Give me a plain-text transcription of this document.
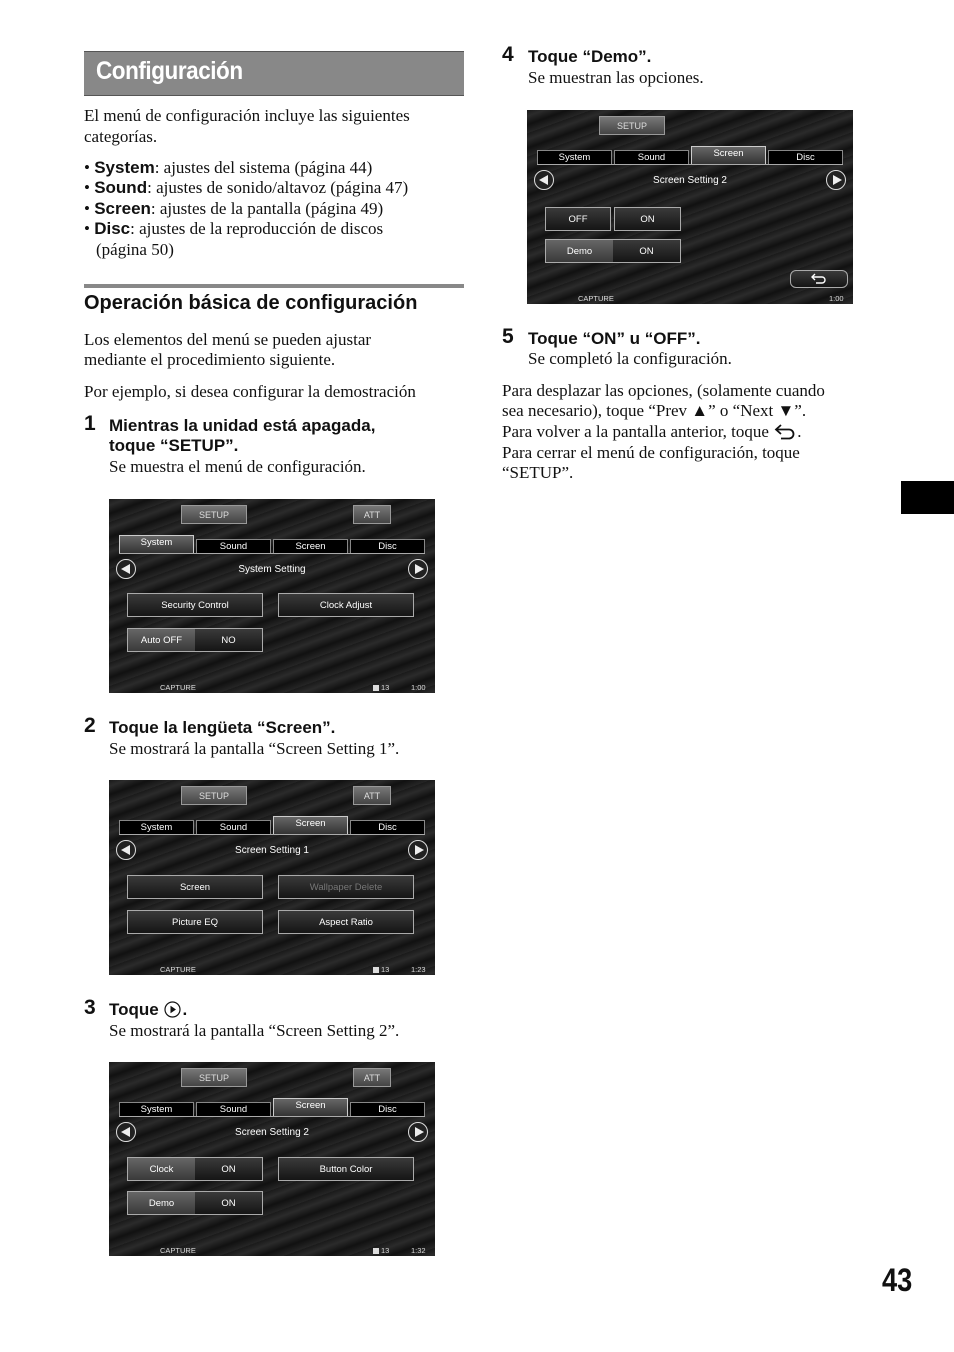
Configuración
El menú de configuración incluye las siguientes categorías.
• System: ajustes del sistema (página 44)
• Sound: ajustes de sonido/altavoz (página 47)
• Screen: ajustes de la pantalla (página 49)
• Disc: ajustes de la reproducción de discos
(página 50)
Operación básica de configuración
Los elementos del menú se pueden ajustar
mediante el procedimiento siguiente.
Por ejemplo, si desea configurar la demostración
1 Mientras la unidad está apagada,
toque “SETUP”.
Se muestra el menú de configuración.
SETUP	ATT
System	Sound	Screen	Disc
System Setting
Security Control	Clock Adjust
Auto OFF	NO
CAPTURE	13	1:00
2 Toque la lengüeta “Screen”.
Se mostrará la pantalla “Screen Setting 1”.
SETUP	ATT
System	Sound	Screen	Disc
Screen Setting 1
Screen	Wallpaper Delete
Picture EQ	Aspect Ratio
CAPTURE	13	1:23
3 Toque .
Se mostrará la pantalla “Screen Setting 2”.
SETUP	ATT
System	Sound	Screen	Disc
Screen Setting 2
Clock	ON	Button Color
Demo	ON
CAPTURE	13	1:32
4 Toque “Demo”.
Se muestran las opciones.
SETUP
System	Sound	Screen	Disc
Screen Setting 2
OFF	ON
Demo	ON
CAPTURE	1:00
5 Toque “ON” u “OFF”.
Se completó la configuración.
Para desplazar las opciones, (solamente cuando
sea necesario), toque “Prev ▲” o “Next ▼”.
Para volver a la pantalla anterior, toque .
Para cerrar el menú de configuración, toque
“SETUP”.
43
